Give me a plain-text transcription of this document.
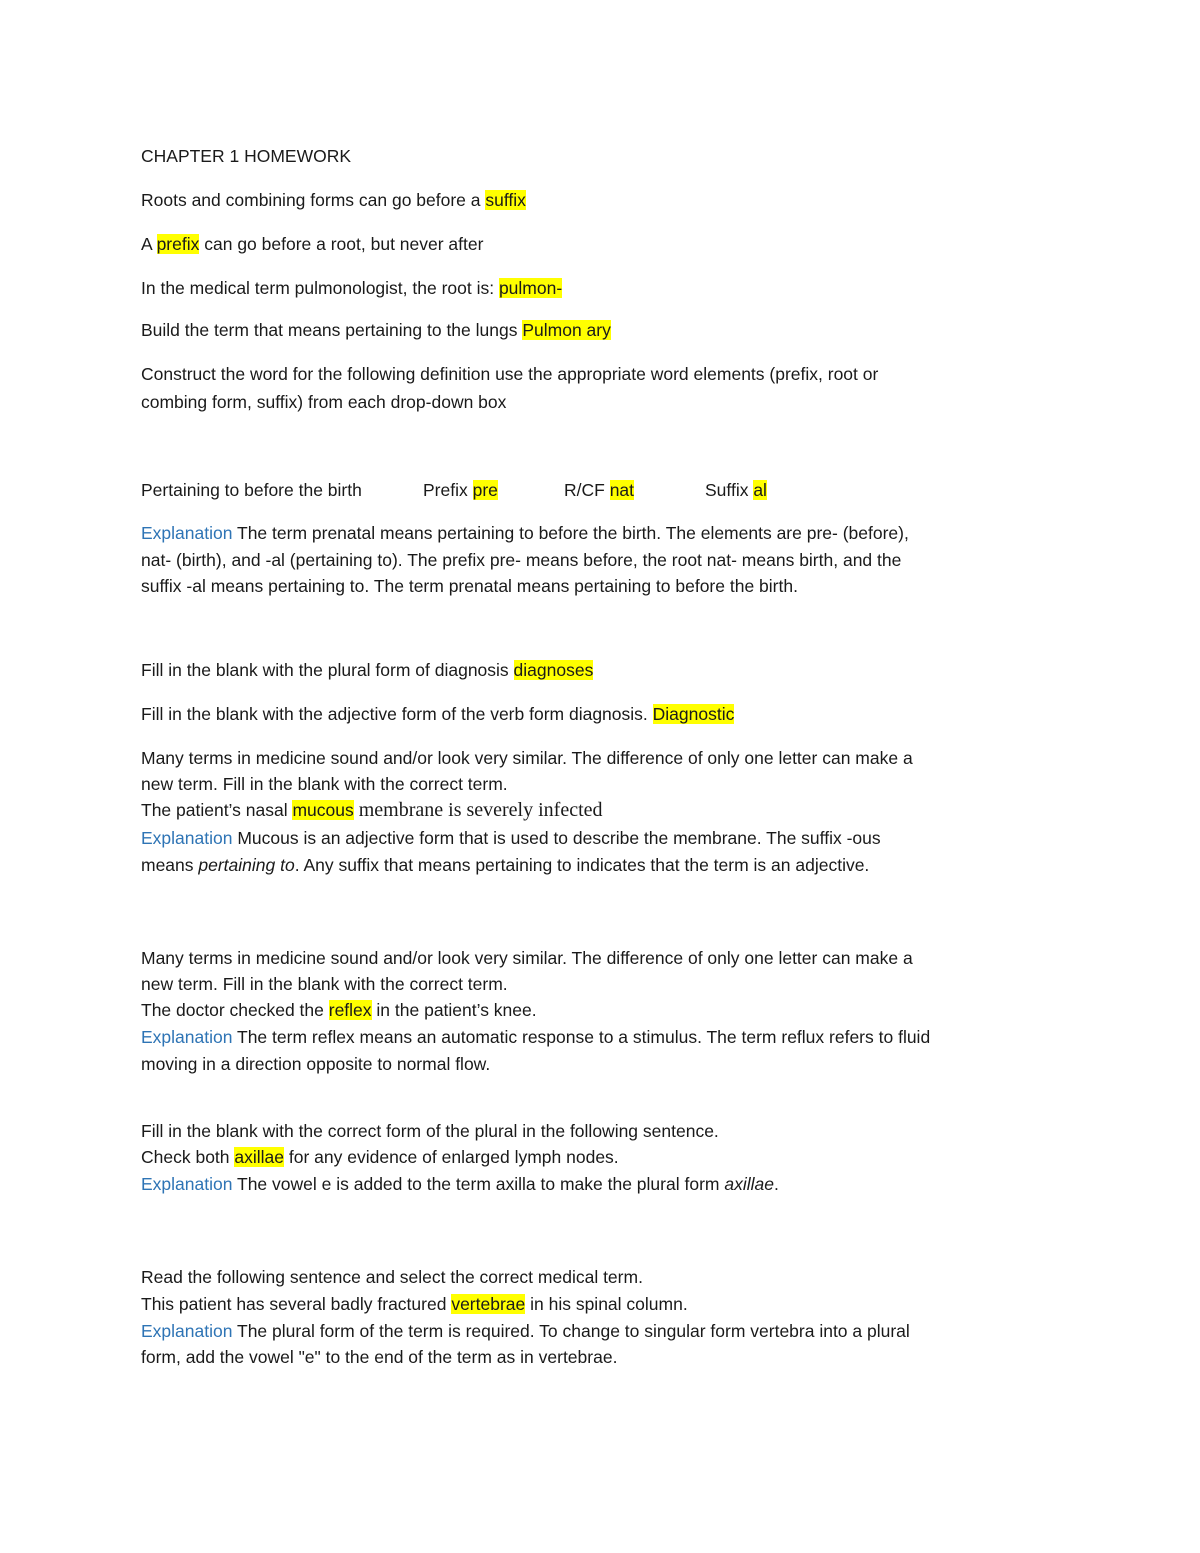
CHAPTER 1 HOMEWORK
Roots and combining forms can go before a suffix
A prefix can go before a root, but never after
In the medical term pulmonologist, the root is: pulmon-
Build the term that means pertaining to the lungs Pulmon ary
Construct the word for the following definition use the appropriate word elements (prefix, root or
combing form, suffix) from each drop-down box
Pertaining to before the birth	Prefix pre	R/CF nat	Suffix al
Explanation The term prenatal means pertaining to before the birth. The elements are pre- (before),
nat- (birth), and -al (pertaining to). The prefix pre- means before, the root nat- means birth, and the
suffix -al means pertaining to. The term prenatal means pertaining to before the birth.
Fill in the blank with the plural form of diagnosis diagnoses
Fill in the blank with the adjective form of the verb form diagnosis. Diagnostic
Many terms in medicine sound and/or look very similar. The difference of only one letter can make a
new term. Fill in the blank with the correct term.
The patient’s nasal mucous membrane is severely infected
Explanation Mucous is an adjective form that is used to describe the membrane. The suffix -ous
means pertaining to. Any suffix that means pertaining to indicates that the term is an adjective.
Many terms in medicine sound and/or look very similar. The difference of only one letter can make a
new term. Fill in the blank with the correct term.
The doctor checked the reflex in the patient’s knee.
Explanation The term reflex means an automatic response to a stimulus. The term reflux refers to fluid
moving in a direction opposite to normal flow.
Fill in the blank with the correct form of the plural in the following sentence.
Check both axillae for any evidence of enlarged lymph nodes.
Explanation The vowel e is added to the term axilla to make the plural form axillae.
Read the following sentence and select the correct medical term.
This patient has several badly fractured vertebrae in his spinal column.
Explanation The plural form of the term is required. To change to singular form vertebra into a plural
form, add the vowel "e" to the end of the term as in vertebrae.
